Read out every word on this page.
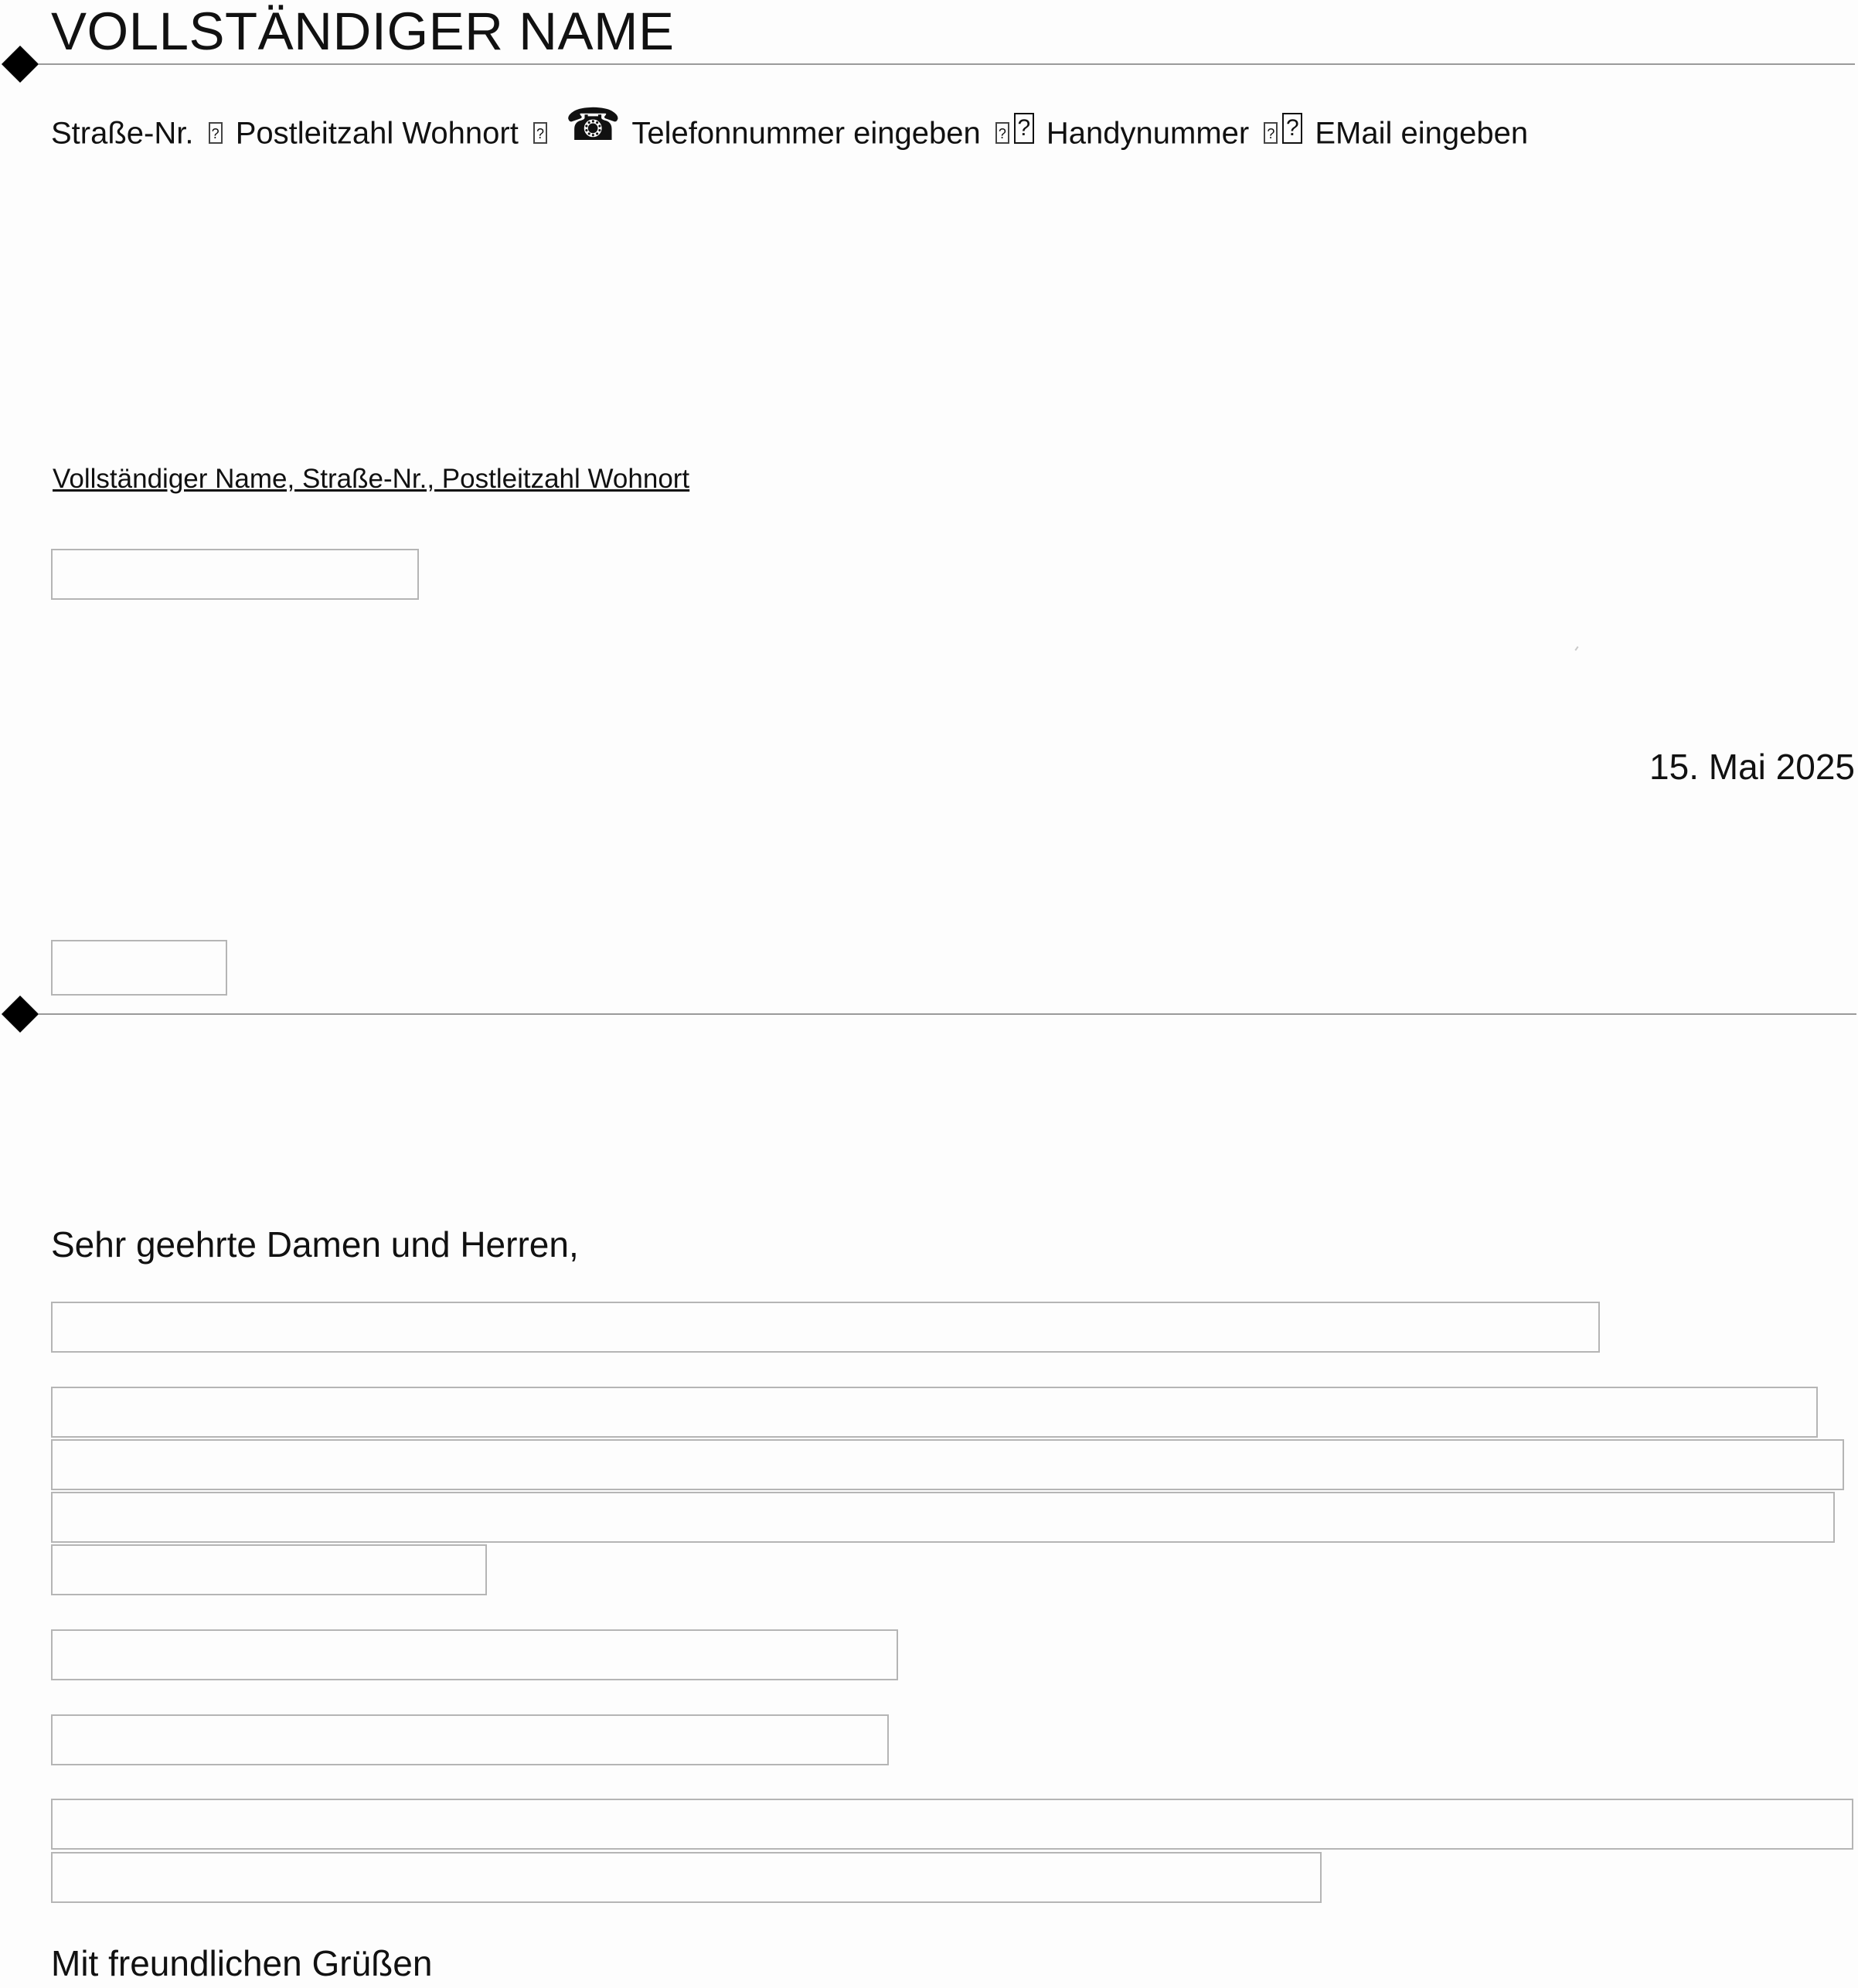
VOLLSTÄNDIGER NAME
Straße-Nr. ? Postleitzahl Wohnort ? ☎ Telefonnummer eingeben ? ? Handynummer ? ? EMail eingeben
Vollständiger Name, Straße-Nr., Postleitzahl Wohnort
15. Mai 2025
Sehr geehrte Damen und Herren,
Mit freundlichen Grüßen
